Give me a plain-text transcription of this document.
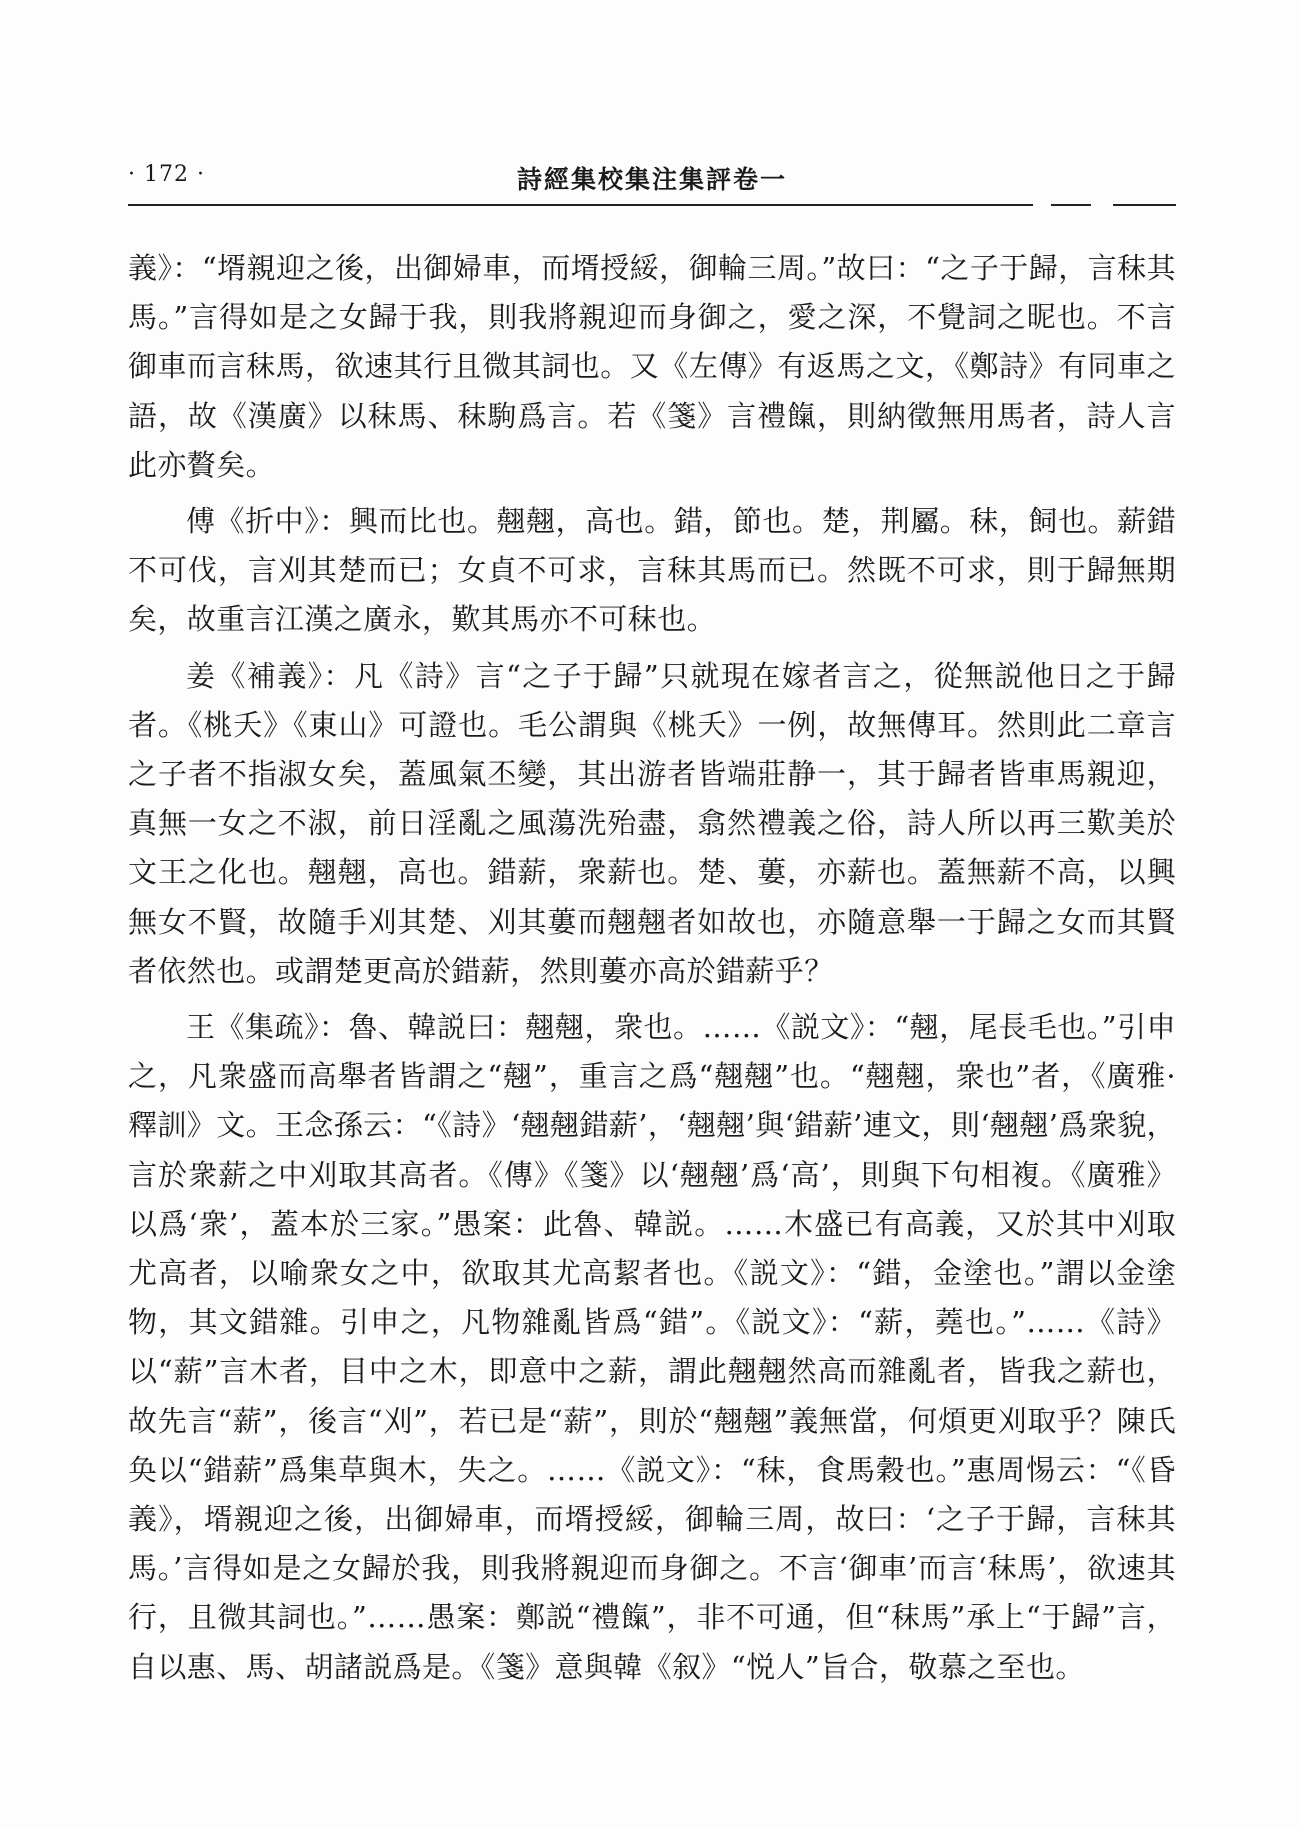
· 172 ·	詩經集校集注集評卷一

義》：“壻親迎之後，出御婦車，而壻授綏，御輪三周。”故曰：“之子于歸，言秣其馬。”言得如是之女歸于我，則我將親迎而身御之，愛之深，不覺詞之昵也。不言御車而言秣馬，欲速其行且微其詞也。又《左傳》有返馬之文，《鄭詩》有同車之語，故《漢廣》以秣馬、秣駒爲言。若《箋》言禮餼，則納徵無用馬者，詩人言此亦贅矣。

傅《折中》：興而比也。翹翹，高也。錯，節也。楚，荆屬。秣，飼也。薪錯不可伐，言刈其楚而已；女貞不可求，言秣其馬而已。然既不可求，則于歸無期矣，故重言江漢之廣永，歎其馬亦不可秣也。

姜《補義》：凡《詩》言“之子于歸”只就現在嫁者言之，從無説他日之于歸者。《桃夭》《東山》可證也。毛公謂與《桃夭》一例，故無傳耳。然則此二章言之子者不指淑女矣，蓋風氣丕變，其出游者皆端莊静一，其于歸者皆車馬親迎，真無一女之不淑，前日淫亂之風蕩洗殆盡，翕然禮義之俗，詩人所以再三歎美於文王之化也。翹翹，高也。錯薪，衆薪也。楚、蔞，亦薪也。蓋無薪不高，以興無女不賢，故隨手刈其楚、刈其蔞而翹翹者如故也，亦隨意舉一于歸之女而其賢者依然也。或謂楚更高於錯薪，然則蔞亦高於錯薪乎？

王《集疏》：魯、韓説曰：翹翹，衆也。……《説文》：“翹，尾長毛也。”引申之，凡衆盛而高舉者皆謂之“翹”，重言之爲“翹翹”也。“翹翹，衆也”者，《廣雅·釋訓》文。王念孫云：“《詩》‘翹翹錯薪’，‘翹翹’與‘錯薪’連文，則‘翹翹’爲衆貌，言於衆薪之中刈取其高者。《傳》《箋》以‘翹翹’爲‘高’，則與下句相複。《廣雅》以爲‘衆’，蓋本於三家。”愚案：此魯、韓説。……木盛已有高義，又於其中刈取尤高者，以喻衆女之中，欲取其尤高絜者也。《説文》：“錯，金塗也。”謂以金塗物，其文錯雜。引申之，凡物雜亂皆爲“錯”。《説文》：“薪，蕘也。”……《詩》以“薪”言木者，目中之木，即意中之薪，謂此翹翹然高而雜亂者，皆我之薪也，故先言“薪”，後言“刈”，若已是“薪”，則於“翹翹”義無當，何煩更刈取乎？陳氏奂以“錯薪”爲集草與木，失之。……《説文》：“秣，食馬穀也。”惠周惕云：“《昏義》，壻親迎之後，出御婦車，而壻授綏，御輪三周，故曰：‘之子于歸，言秣其馬。’言得如是之女歸於我，則我將親迎而身御之。不言‘御車’而言‘秣馬’，欲速其行，且微其詞也。”……愚案：鄭説“禮餼”，非不可通，但“秣馬”承上“于歸”言，自以惠、馬、胡諸説爲是。《箋》意與韓《叙》“悦人”旨合，敬慕之至也。
